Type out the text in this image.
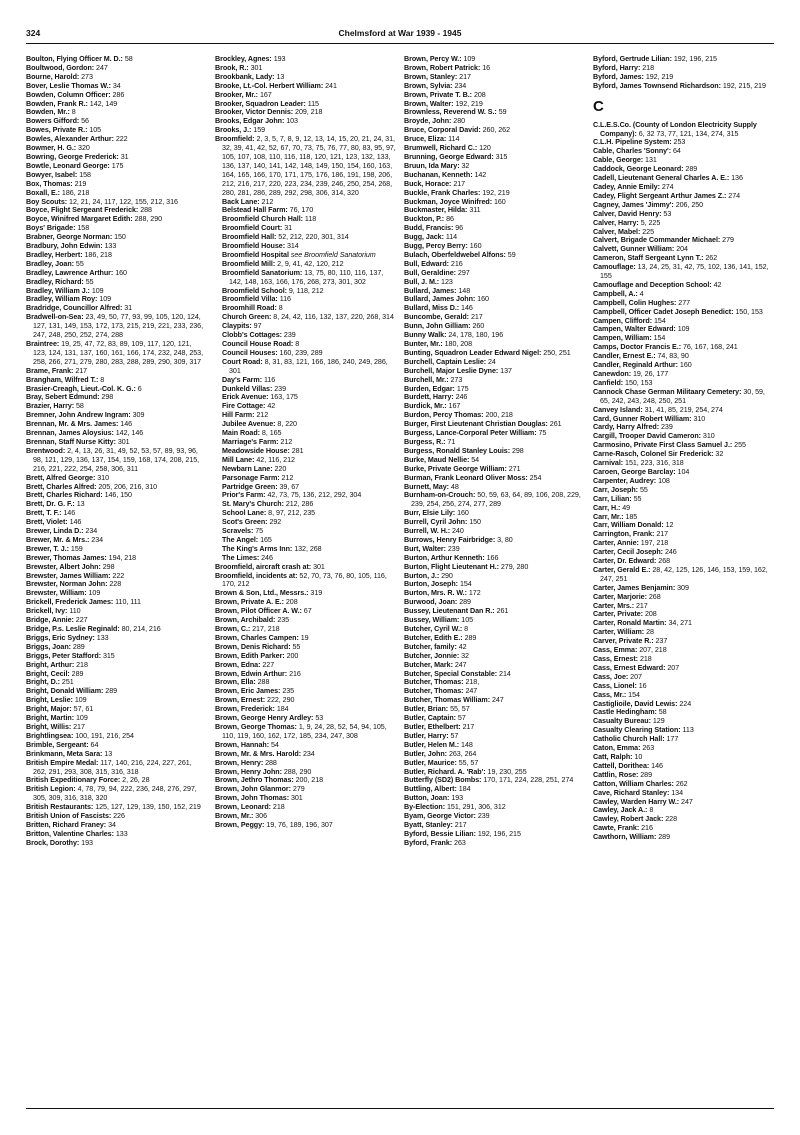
324	Chelmsford at War 1939 - 1945
Boulton, Flying Officer M. D.: 58
Boultwood, Gordon: 247
Bourne, Harold: 273
Bover, Leslie Thomas W.: 34
Bowden, Column Officer: 286
Bowden, Frank R.: 142, 149
Bowden, Mr.: 8
Bowers Gifford: 56
Bowes, Private R.: 105
Bowles, Alexander Arthur: 222
Bowmer, H. G.: 320
Bowring, George Frederick: 31
Bowtle, Leonard George: 175
Bowyer, Isabel: 158
Box, Thomas: 219
Boxall, E.: 186, 218
Boy Scouts: 12, 21, 24, 117, 122, 155, 212, 316
Boyce, Flight Sergeant Frederick: 288
Boyce, Winifred Margaret Edith: 288, 290
Boys' Brigade: 158
Brabner, George Norman: 150
Bradbury, John Edwin: 133
Bradley, Herbert: 186, 218
Bradley, Joan: 55
Bradley, Lawrence Arthur: 160
Bradley, Richard: 55
Bradley, William J.: 109
Bradley, William Roy: 109
Bradridge, Councillor Alfred: 31
Bradwell-on-Sea: 23, 49, 50, 77, 93, 99, 105, 120, 124, 127, 131, 149, 153, 172, 173, 215, 219, 221, 233, 236, 247, 248, 250, 252, 274, 288
Braintree: 19, 25, 47, 72, 83, 89, 109, 117, 120, 121, 123, 124, 131, 137, 160, 161, 166, 174, 232, 248, 253, 258, 266, 271, 279, 280, 283, 288, 289, 290, 309, 317
Brame, Frank: 217
Brangham, Wilfred T.: 8
Brasier-Creagh, Lieut.-Col. K. G.: 6
Bray, Sebert Edmund: 298
Brazier, Harry: 58
Bremner, John Andrew Ingram: 309
Brennan, Mr. & Mrs. James: 146
Brennan, James Aloysius: 142, 146
Brennan, Staff Nurse Kitty: 301
Brentwood: 2, 4, 13, 26, 31, 49, 52, 53, 57, 89, 93, 96, 98, 121, 129, 136, 137, 154, 159, 168, 174, 208, 215, 216, 221, 222, 254, 258, 306, 311
Brett, Alfred George: 310
Brett, Charles Alfred: 205, 206, 216, 310
Brett, Charles Richard: 146, 150
Brett, Dr. G. F.: 13
Brett, T. F.: 146
Brett, Violet: 146
Brewer, Linda D.: 234
Brewer, Mr. & Mrs.: 234
Brewer, T. J.: 159
Brewer, Thomas James: 194, 218
Brewster, Albert John: 298
Brewster, James William: 222
Brewster, Norman John: 228
Brewster, William: 109
Brickell, Frederick James: 110, 111
Brickell, Ivy: 110
Bridge, Annie: 227
Bridge, P.s. Leslie Reginald: 80, 214, 216
Briggs, Eric Sydney: 133
Briggs, Joan: 289
Briggs, Peter Stafford: 315
Bright, Arthur: 218
Bright, Cecil: 289
Bright, D.: 251
Bright, Donald William: 289
Bright, Leslie: 109
Bright, Major: 57, 61
Bright, Martin: 109
Bright, Willis: 217
Brightlingsea: 100, 191, 216, 254
Brimble, Sergeant: 64
Brinkmann, Meta Sara: 13
British Empire Medal: 117, 140, 216, 224, 227, 261, 262, 291, 293, 308, 315, 316, 318
British Expeditionary Force: 2, 26, 28
British Legion: 4, 78, 79, 94, 222, 236, 248, 276, 297, 305, 309, 316, 318, 320
British Restaurants: 125, 127, 129, 139, 150, 152, 219
British Union of Fascists: 226
Britten, Richard Franey: 34
Britton, Valentine Charles: 133
Brock, Dorothy: 193
Brockley, Agnes: 193
Brook, R.: 301
Brookbank, Lady: 13
Brooke, Lt.-Col. Herbert William: 241
Brooker, Mr.: 167
Brooker, Squadron Leader: 115
Brooker, Victor Dennis: 209, 218
Brooks, Edgar John: 103
Brooks, J.: 159
Broomfield: 2, 3, 5, 7, 8, 9, 12, 13, 14, 15, 20, 21, 24, 31, 32, 39, 41, 42, 52, 67, 70, 73, 75, 76, 77, 80, 83, 95, 97, 105, 107, 108, 110, 116, 118, 120, 121, 123, 132, 133, 136, 137, 140, 141, 142, 148, 149, 150, 154, 160, 163, 164, 165, 166, 170, 171, 175, 176, 186, 191, 198, 206, 212, 216, 217, 220, 223, 234, 239, 246, 250, 254, 268, 280, 281, 286, 289, 292, 298, 306, 314, 320
Back Lane: 212
Belstead Hall Farm: 76, 170
Broomfield Church Hall: 118
Broomfield Court: 31
Broomfield Hall: 52, 212, 220, 301, 314
Broomfield House: 314
Broomfield Hospital see Broomfield Sanatorium
Broomfield Mill: 2, 9, 41, 42, 120, 212
Broomfield Sanatorium: 13, 75, 80, 110, 116, 137, 142, 148, 163, 166, 176, 268, 273, 301, 302
Broomfield School: 9, 118, 212
Broomfield Villa: 116
Broomhill Road: 8
Church Green: 8, 24, 42, 116, 132, 137, 220, 268, 314
Claypits: 97
Clobb's Cottages: 239
Council House Road: 8
Council Houses: 160, 239, 289
Court Road: 8, 31, 83, 121, 166, 186, 240, 249, 286, 301
Day's Farm: 116
Dunkeld Villas: 239
Erick Avenue: 163, 175
Fire Cottage: 42
Hill Farm: 212
Jubilee Avenue: 8, 220
Main Road: 8, 165
Marriage's Farm: 212
Meadowside House: 281
Mill Lane: 42, 116, 212
Newbarn Lane: 220
Parsonage Farm: 212
Partridge Green: 39, 67
Prior's Farm: 42, 73, 75, 136, 212, 292, 304
St. Mary's Church: 212, 286
School Lane: 8, 97, 212, 235
Scot's Green: 292
Scravels: 75
The Angel: 165
The King's Arms Inn: 132, 268
The Limes: 246
Broomfield, aircraft crash at: 301
Broomfield, incidents at: 52, 70, 73, 76, 80, 105, 116, 170, 212
Brown & Son, Ltd., Messrs.: 319
Brown, Private A. E.: 208
Brown, Pilot Officer A. W.: 67
Brown, Archibald: 235
Brown, C.: 217, 218
Brown, Charles Campen: 19
Brown, Denis Richard: 55
Brown, Edith Parker: 200
Brown, Edna: 227
Brown, Edwin Arthur: 216
Brown, Ella: 288
Brown, Eric James: 235
Brown, Ernest: 222, 290
Brown, Frederick: 184
Brown, George Henry Ardley: 53
Brown, George Thomas: 1, 9, 24, 28, 52, 54, 94, 105, 110, 119, 160, 162, 172, 185, 234, 247, 308
Brown, Hannah: 54
Brown, Mr. & Mrs. Harold: 234
Brown, Henry: 288
Brown, Henry John: 288, 290
Brown, Jethro Thomas: 200, 218
Brown, John Glanmor: 279
Brown, John Thomas: 301
Brown, Leonard: 218
Brown, Mr.: 306
Brown, Peggy: 19, 76, 189, 196, 307
Brown, Percy W.: 109
Brown, Robert Patrick: 16
Brown, Stanley: 217
Brown, Sylvia: 234
Brown, Private T. B.: 208
Brown, Walter: 192, 219
Brownless, Reverend W. S.: 59
Broyde, John: 280
Bruce, Corporal David: 260, 262
Bruce, Eliza: 114
Brumwell, Richard C.: 120
Brunning, George Edward: 315
Bruun, Ida Mary: 32
Buchanan, Kenneth: 142
Buck, Horace: 217
Buckle, Frank Charles: 192, 219
Buckman, Joyce Winifred: 160
Buckmaster, Hilda: 311
Buckton, P.: 86
Budd, Francis: 96
Bugg, Jack: 114
Bugg, Percy Berry: 160
Bulach, Oberfeldwebel Alfons: 59
Bull, Edward: 216
Bull, Geraldine: 297
Bull, J. M.: 123
Bullard, James: 148
Bullard, James John: 160
Bullard, Miss D.: 146
Buncombe, Gerald: 217
Bunn, John Gilliam: 260
Bunny Walk: 24, 178, 180, 196
Bunter, Mr.: 180, 208
Bunting, Squadron Leader Edward Nigel: 250, 251
Burchell, Captain Leslie: 24
Burchell, Major Leslie Dyne: 137
Burchell, Mr.: 273
Burden, Edgar: 175
Burdett, Harry: 246
Burdick, Mr.: 167
Burdon, Percy Thomas: 200, 218
Burger, First Lieutenant Christian Douglas: 261
Burgess, Lance-Corporal Peter William: 75
Burgess, R.: 71
Burgess, Ronald Stanley Louis: 298
Burke, Maud Nellie: 54
Burke, Private George William: 271
Burman, Frank Leonard Oliver Moss: 254
Burnett, May: 48
Burnham-on-Crouch: 50, 59, 63, 64, 89, 106, 208, 229, 239, 254, 256, 274, 277, 289
Burr, Elsie Lily: 160
Burrell, Cyril John: 150
Burrell, W. H.: 240
Burrows, Henry Fairbridge: 3, 80
Burt, Walter: 239
Burton, Arthur Kenneth: 166
Burton, Flight Lieutenant H.: 279, 280
Burton, J.: 290
Burton, Joseph: 154
Burton, Mrs. R. W.: 172
Burwood, Joan: 289
Bussey, Lieutenant Dan R.: 261
Bussey, William: 105
Butcher, Cyril W.: 8
Butcher, Edith E.: 289
Butcher, family: 42
Butcher, Jonnie: 32
Butcher, Mark: 247
Butcher, Special Constable: 214
Butcher, Thomas: 218,
Butcher, Thomas: 247
Butcher, Thomas William: 247
Butler, Brian: 55, 57
Butler, Captain: 57
Butler, Ethelbert: 217
Butler, Harry: 57
Butler, Helen M.: 148
Butler, John: 263, 264
Butler, Maurice: 55, 57
Butler, Richard. A. 'Rab': 19, 230, 255
Butterfly (SD2) Bombs: 170, 171, 224, 228, 251, 274
Buttling, Albert: 184
Button, Joan: 193
By-Election: 151, 291, 306, 312
Byam, George Victor: 239
Byatt, Stanley: 217
Byford, Bessie Lilian: 192, 196, 215
Byford, Frank: 263
Byford, Gertrude Lilian: 192, 196, 215
Byford, Harry: 218
Byford, James: 192, 219
Byford, James Townsend Richardson: 192, 215, 219
C
C.L.E.S.Co. (County of London Electricity Supply Company): 6, 32 73, 77, 121, 134, 274, 315
C.L.H. Pipeline System: 253
Cable, Charles 'Sonny': 64
Cable, George: 131
Caddock, George Leonard: 289
Cadell, Lieutenant General Charles A. E.: 136
Cadey, Annie Emily: 274
Cadey, Flight Sergeant Arthur James Z.: 274
Cagney, James 'Jimmy': 206, 250
Calver, David Henry: 53
Calver, Harry: 5, 225
Calver, Mabel: 225
Calvert, Brigade Commander Michael: 279
Calvett, Gunner William: 204
Cameron, Staff Sergeant Lynn T.: 262
Camouflage: 13, 24, 25, 31, 42, 75, 102, 136, 141, 152, 155
Camouflage and Deception School: 42
Campbell, A.: 4
Campbell, Colin Hughes: 277
Campbell, Officer Cadet Joseph Benedict: 150, 153
Campen, Clifford: 154
Campen, Walter Edward: 109
Campen, William: 154
Camps, Doctor Francis E.: 76, 167, 168, 241
Candler, Ernest E.: 74, 83, 90
Candler, Reginald Arthur: 160
Canewdon: 19, 26, 177
Canfield: 150, 153
Cannock Chase German Militaary Cemetery: 30, 59, 65, 242, 243, 248, 250, 251
Canvey Island: 31, 41, 85, 219, 254, 274
Card, Gunner Robert William: 310
Cardy, Harry Alfred: 239
Cargill, Trooper David Cameron: 310
Carmosino, Private First Class Samuel J.: 255
Carne-Rasch, Colonel Sir Frederick: 32
Carnival: 151, 223, 316, 318
Caroen, George Barclay: 104
Carpenter, Audrey: 108
Carr, Joseph: 55
Carr, Lilian: 55
Carr, H.: 49
Carr, Mr.: 185
Carr, William Donald: 12
Carrington, Frank: 217
Carter, Annie: 197, 218
Carter, Cecil Joseph: 246
Carter, Dr. Edward: 268
Carter, Gerald E.: 28, 42, 125, 126, 146, 153, 159, 162, 247, 251
Carter, James Benjamin: 309
Carter, Marjorie: 268
Carter, Mrs.: 217
Carter, Private: 208
Carter, Ronald Martin: 34, 271
Carter, William: 28
Carver, Private R.: 237
Cass, Emma: 207, 218
Cass, Ernest: 218
Cass, Ernest Edward: 207
Cass, Joe: 207
Cass, Lionel: 16
Cass, Mr.: 154
Castiglioile, David Lewis: 224
Castle Hedingham: 58
Casualty Bureau: 129
Casualty Clearing Station: 113
Catholic Church Hall: 177
Caton, Emma: 263
Catt, Ralph: 10
Cattell, Dorithea: 146
Cattlin, Rose: 289
Catton, William Charles: 262
Cave, Richard Stanley: 134
Cawley, Warden Harry W.: 247
Cawley, Jack A.: 8
Cawley, Robert Jack: 228
Cawte, Frank: 216
Cawthorn, William: 289
